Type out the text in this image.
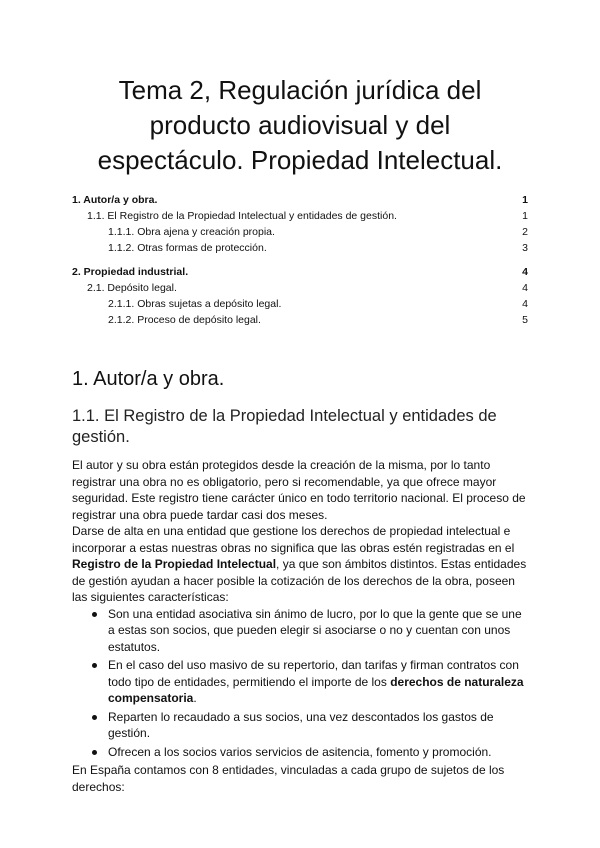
Tema 2, Regulación jurídica del
producto audiovisual y del
espectáculo. Propiedad Intelectual.
1. Autor/a y obra.	1
1.1. El Registro de la Propiedad Intelectual y entidades de gestión.	1
1.1.1. Obra ajena y creación propia.	2
1.1.2. Otras formas de protección.	3
2. Propiedad industrial.	4
2.1. Depósito legal.	4
2.1.1. Obras sujetas a depósito legal.	4
2.1.2. Proceso de depósito legal.	5
1. Autor/a y obra.
1.1. El Registro de la Propiedad Intelectual y entidades de gestión.

El autor y su obra están protegidos desde la creación de la misma, por lo tanto registrar una obra no es obligatorio, pero si recomendable, ya que ofrece mayor seguridad. Este registro tiene carácter único en todo territorio nacional. El proceso de registrar una obra puede tardar casi dos meses.

Darse de alta en una entidad que gestione los derechos de propiedad intelectual e incorporar a estas nuestras obras no significa que las obras estén registradas en el Registro de la Propiedad Intelectual, ya que son ámbitos distintos. Estas entidades de gestión ayudan a hacer posible la cotización de los derechos de la obra, poseen las siguientes características:

Son una entidad asociativa sin ánimo de lucro, por lo que la gente que se une a estas son socios, que pueden elegir si asociarse o no y cuentan con unos estatutos.
En el caso del uso masivo de su repertorio, dan tarifas y firman contratos con todo tipo de entidades, permitiendo el importe de los derechos de naturaleza compensatoria.
Reparten lo recaudado a sus socios, una vez descontados los gastos de gestión.
Ofrecen a los socios varios servicios de asitencia, fomento y promoción.

En España contamos con 8 entidades, vinculadas a cada grupo de sujetos de los derechos:
